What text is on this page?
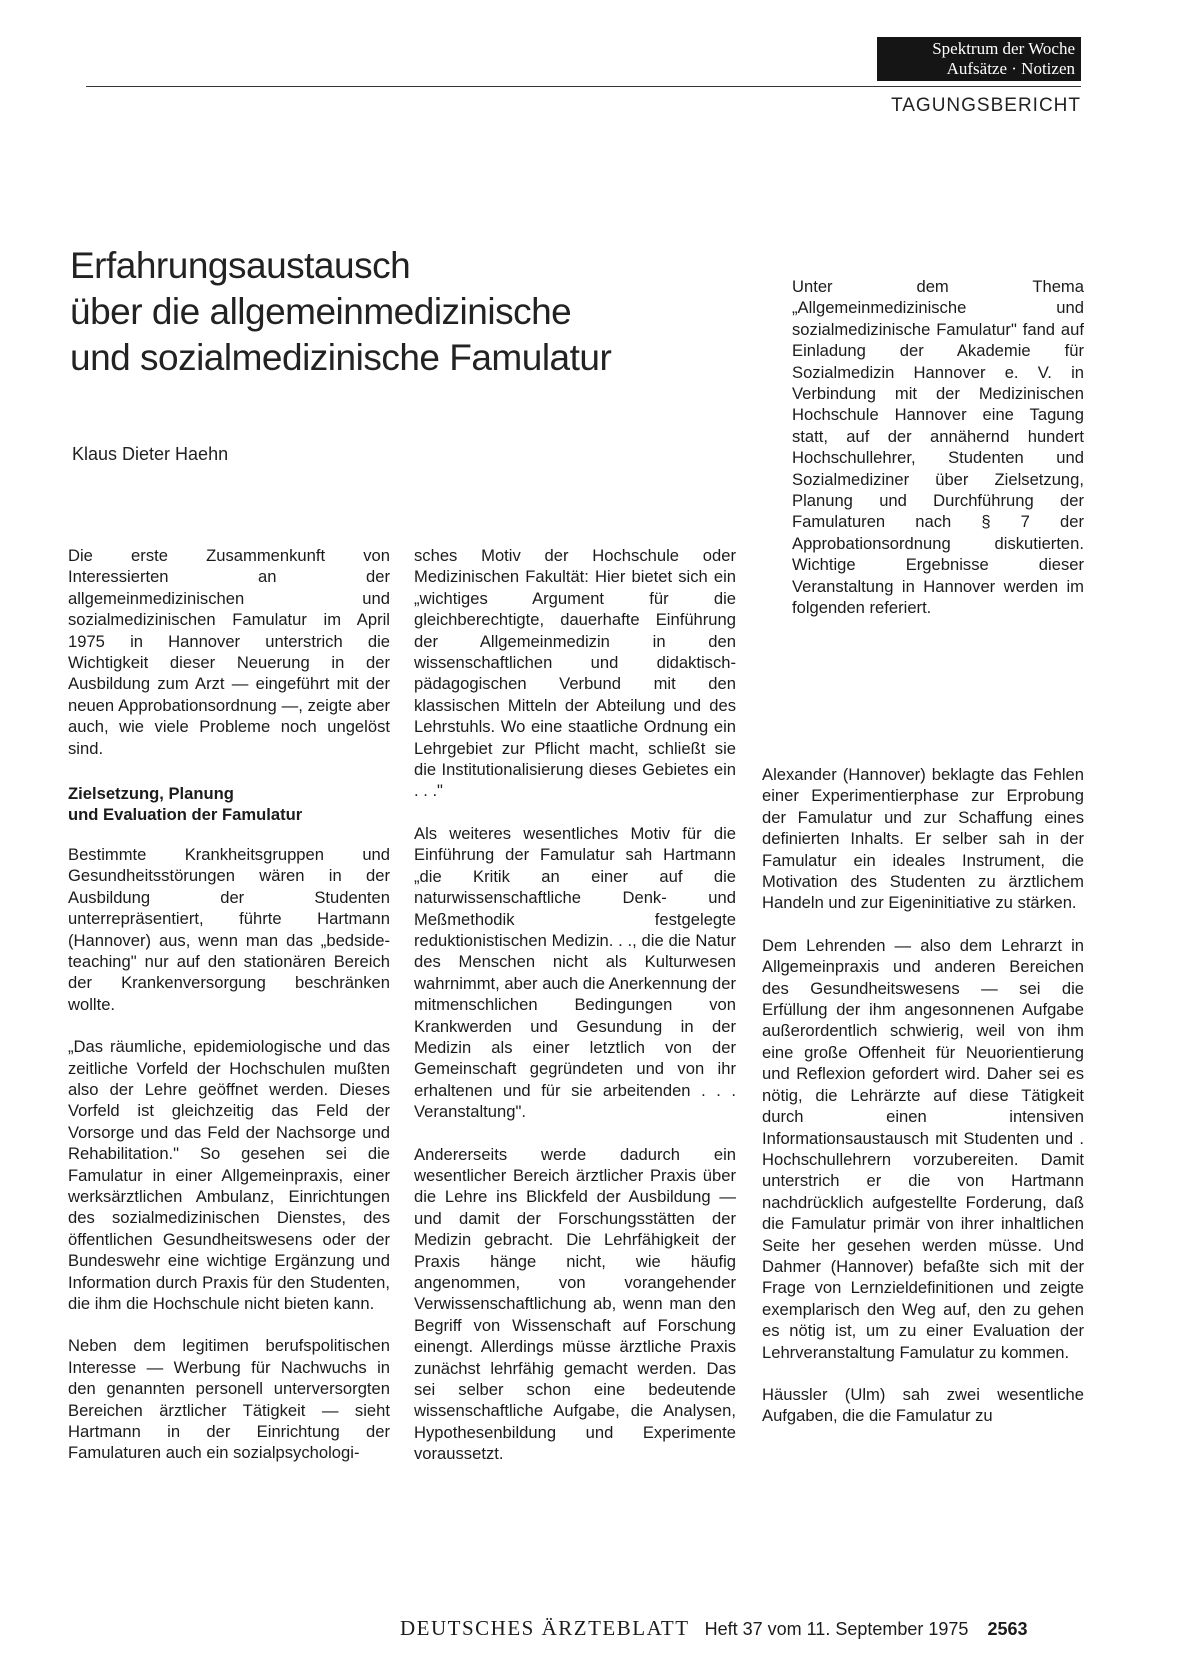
Spektrum der Woche
Aufsätze · Notizen
TAGUNGSBERICHT
Erfahrungsaustausch
über die allgemeinmedizinische
und sozialmedizinische Famulatur
Klaus Dieter Haehn

Unter dem Thema „Allgemeinmedizinische und sozialmedizinische Famulatur" fand auf Einladung der Akademie für Sozialmedizin Hannover e. V. in Verbindung mit der Medizinischen Hochschule Hannover eine Tagung statt, auf der annähernd hundert Hochschullehrer, Studenten und Sozialmediziner über Zielsetzung, Planung und Durchführung der Famulaturen nach § 7 der Approbationsordnung diskutierten. Wichtige Ergebnisse dieser Veranstaltung in Hannover werden im folgenden referiert.

Die erste Zusammenkunft von Interessierten an der allgemeinmedizinischen und sozialmedizinischen Famulatur im April 1975 in Hannover unterstrich die Wichtigkeit dieser Neuerung in der Ausbildung zum Arzt — eingeführt mit der neuen Approbationsordnung —, zeigte aber auch, wie viele Probleme noch ungelöst sind.

Zielsetzung, Planung
und Evaluation der Famulatur

Bestimmte Krankheitsgruppen und Gesundheitsstörungen wären in der Ausbildung der Studenten unterrepräsentiert, führte Hartmann (Hannover) aus, wenn man das „bedside-teaching" nur auf den stationären Bereich der Krankenversorgung beschränken wollte.

„Das räumliche, epidemiologische und das zeitliche Vorfeld der Hochschulen mußten also der Lehre geöffnet werden. Dieses Vorfeld ist gleichzeitig das Feld der Vorsorge und das Feld der Nachsorge und Rehabilitation." So gesehen sei die Famulatur in einer Allgemeinpraxis, einer werksärztlichen Ambulanz, Einrichtungen des sozialmedizinischen Dienstes, des öffentlichen Gesundheitswesens oder der Bundeswehr eine wichtige Ergänzung und Information durch Praxis für den Studenten, die ihm die Hochschule nicht bieten kann.

Neben dem legitimen berufspolitischen Interesse — Werbung für Nachwuchs in den genannten personell unterversorgten Bereichen ärztlicher Tätigkeit — sieht Hartmann in der Einrichtung der Famulaturen auch ein sozialpsychologi-

sches Motiv der Hochschule oder Medizinischen Fakultät: Hier bietet sich ein „wichtiges Argument für die gleichberechtigte, dauerhafte Einführung der Allgemeinmedizin in den wissenschaftlichen und didaktisch-pädagogischen Verbund mit den klassischen Mitteln der Abteilung und des Lehrstuhls. Wo eine staatliche Ordnung ein Lehrgebiet zur Pflicht macht, schließt sie die Institutionalisierung dieses Gebietes ein . . ."

Als weiteres wesentliches Motiv für die Einführung der Famulatur sah Hartmann „die Kritik an einer auf die naturwissenschaftliche Denk- und Meßmethodik festgelegte reduktionistischen Medizin. . ., die die Natur des Menschen nicht als Kulturwesen wahrnimmt, aber auch die Anerkennung der mitmenschlichen Bedingungen von Krankwerden und Gesundung in der Medizin als einer letztlich von der Gemeinschaft gegründeten und von ihr erhaltenen und für sie arbeitenden . . . Veranstaltung".

Andererseits werde dadurch ein wesentlicher Bereich ärztlicher Praxis über die Lehre ins Blickfeld der Ausbildung — und damit der Forschungsstätten der Medizin gebracht. Die Lehrfähigkeit der Praxis hänge nicht, wie häufig angenommen, von vorangehender Verwissenschaftlichung ab, wenn man den Begriff von Wissenschaft auf Forschung einengt. Allerdings müsse ärztliche Praxis zunächst lehrfähig gemacht werden. Das sei selber schon eine bedeutende wissenschaftliche Aufgabe, die Analysen, Hypothesenbildung und Experimente voraussetzt.

Alexander (Hannover) beklagte das Fehlen einer Experimentierphase zur Erprobung der Famulatur und zur Schaffung eines definierten Inhalts. Er selber sah in der Famulatur ein ideales Instrument, die Motivation des Studenten zu ärztlichem Handeln und zur Eigeninitiative zu stärken.

Dem Lehrenden — also dem Lehrarzt in Allgemeinpraxis und anderen Bereichen des Gesundheitswesens — sei die Erfüllung der ihm angesonnenen Aufgabe außerordentlich schwierig, weil von ihm eine große Offenheit für Neuorientierung und Reflexion gefordert wird. Daher sei es nötig, die Lehrärzte auf diese Tätigkeit durch einen intensiven Informationsaustausch mit Studenten und . Hochschullehrern vorzubereiten. Damit unterstrich er die von Hartmann nachdrücklich aufgestellte Forderung, daß die Famulatur primär von ihrer inhaltlichen Seite her gesehen werden müsse. Und Dahmer (Hannover) befaßte sich mit der Frage von Lernzieldefinitionen und zeigte exemplarisch den Weg auf, den zu gehen es nötig ist, um zu einer Evaluation der Lehrveranstaltung Famulatur zu kommen.

Häussler (Ulm) sah zwei wesentliche Aufgaben, die die Famulatur zu

DEUTSCHES ÄRZTEBLATT Heft 37 vom 11. September 1975 2563
